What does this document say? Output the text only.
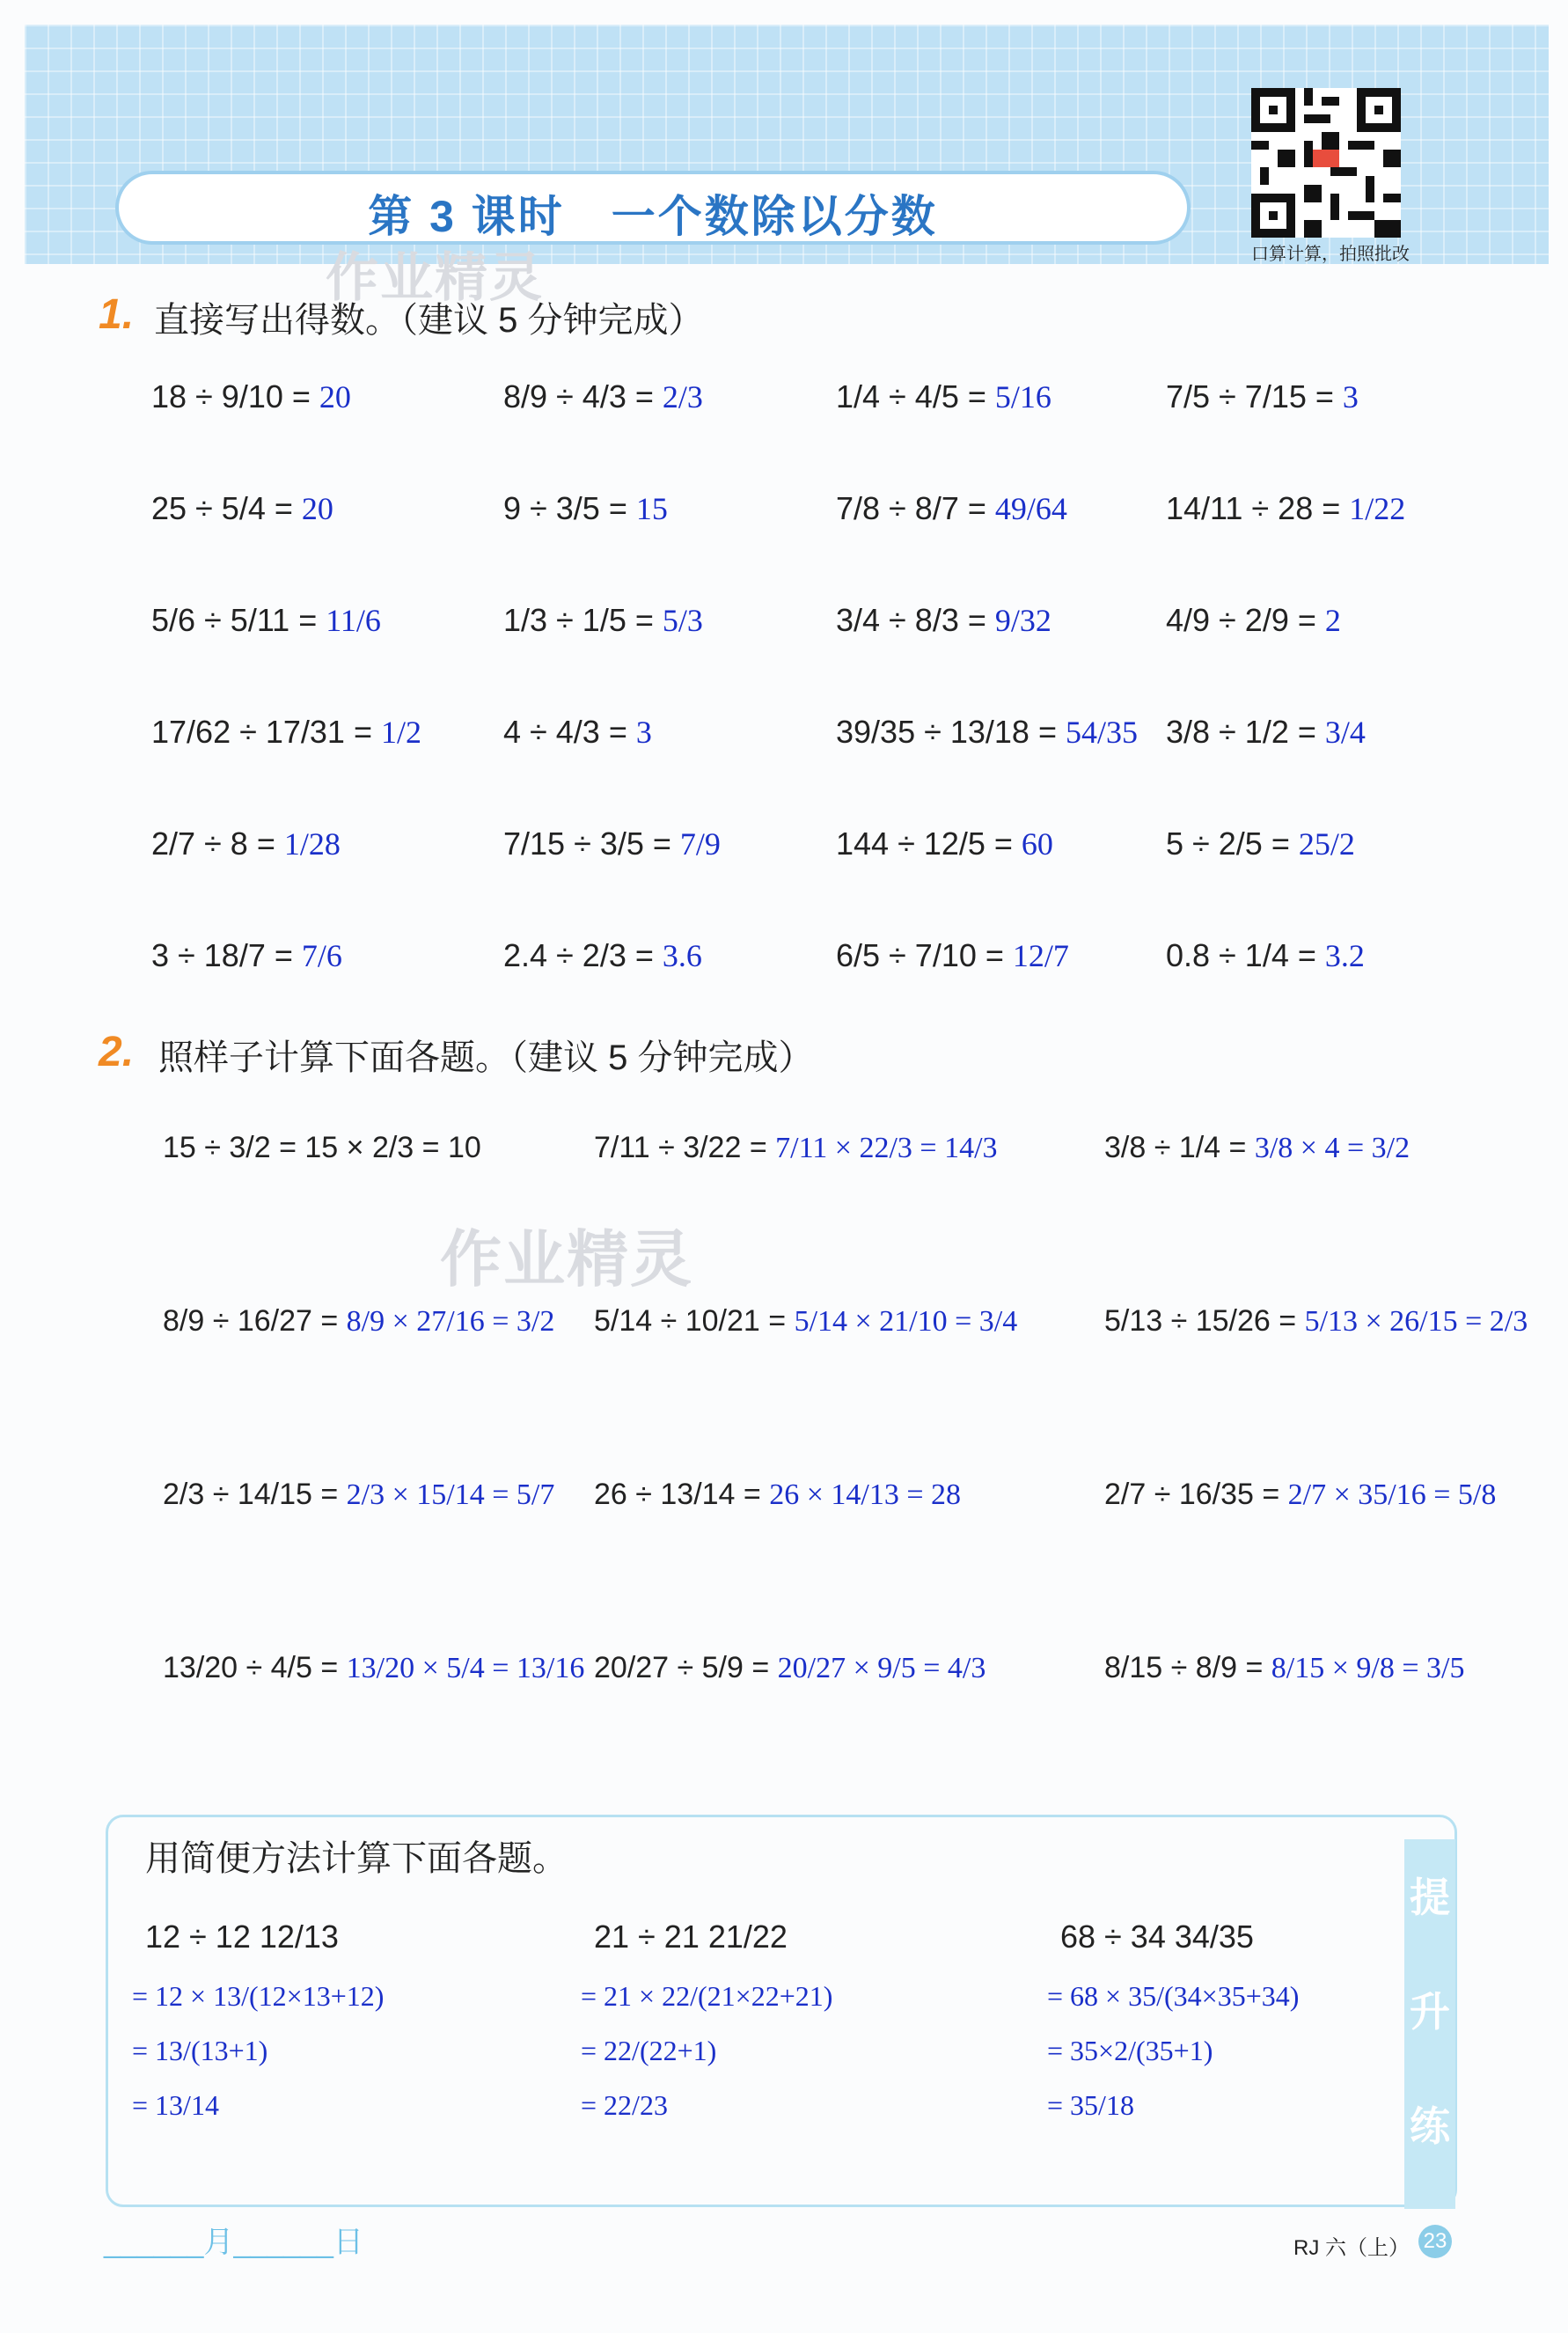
第 3 课时　一个数除以分数
作业精灵	口算计算，拍照批改
1. 直接写出得数。（建议 5 分钟完成）
18 ÷ 9/10 = 20	8/9 ÷ 4/3 = 2/3	1/4 ÷ 4/5 = 5/16	7/5 ÷ 7/15 = 3
25 ÷ 5/4 = 20	9 ÷ 3/5 = 15	7/8 ÷ 8/7 = 49/64	14/11 ÷ 28 = 1/22
5/6 ÷ 5/11 = 11/6	1/3 ÷ 1/5 = 5/3	3/4 ÷ 8/3 = 9/32	4/9 ÷ 2/9 = 2
17/62 ÷ 17/31 = 1/2	4 ÷ 4/3 = 3	39/35 ÷ 13/18 = 54/35 3/8 ÷ 1/2 = 3/4
2/7 ÷ 8 = 1/28	7/15 ÷ 3/5 = 7/9	144 ÷ 12/5 = 60	5 ÷ 2/5 = 25/2
3 ÷ 18/7 = 7/6	2.4 ÷ 2/3 = 3.6	6/5 ÷ 7/10 = 12/7	0.8 ÷ 1/4 = 3.2
2. 照样子计算下面各题。（建议 5 分钟完成）
作业精灵
15 ÷ 3/2 = 15 × 2/3 = 10	7/11 ÷ 3/22 = 7/11 × 22/3 = 14/3	3/8 ÷ 1/4 = 3/8 × 4 = 3/2
8/9 ÷ 16/27 = 8/9 × 27/16 = 3/2 5/14 ÷ 10/21 = 5/14 × 21/10 = 3/4	5/13 ÷ 15/26 = 5/13 × 26/15 = 2/3
2/3 ÷ 14/15 = 2/3 × 15/14 = 5/7 26 ÷ 13/14 = 26 × 14/13 = 28	2/7 ÷ 16/35 = 2/7 × 35/16 = 5/8
13/20 ÷ 4/5 = 13/20 × 5/4 = 13/16 20/27 ÷ 5/9 = 20/27 × 9/5 = 4/3	8/15 ÷ 8/9 = 8/15 × 9/8 = 3/5
提
升
练
用简便方法计算下面各题。
12 ÷ 12 12/13
= 12 × 13/(12×13+12)
= 13/(13+1)
= 13/14
21 ÷ 21 21/22
= 21 × 22/(21×22+21)
= 22/(22+1)
= 22/23
68 ÷ 34 34/35
= 68 × 35/(34×35+34)
= 35×2/(35+1)
= 35/18
______月______日	RJ 六（上） 23
